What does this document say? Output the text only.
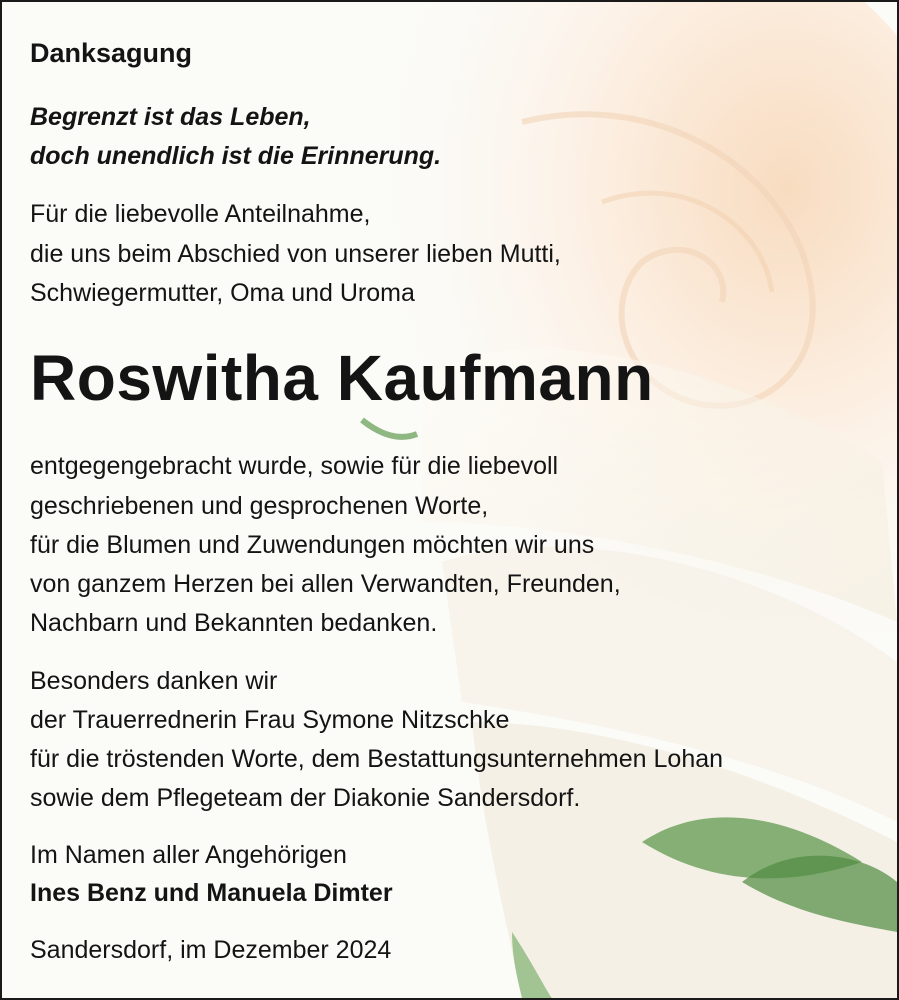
Danksagung
Begrenzt ist das Leben,
doch unendlich ist die Erinnerung.
Für die liebevolle Anteilnahme,
die uns beim Abschied von unserer lieben Mutti,
Schwiegermutter, Oma und Uroma
Roswitha Kaufmann
entgegengebracht wurde, sowie für die liebevoll
geschriebenen und gesprochenen Worte,
für die Blumen und Zuwendungen möchten wir uns
von ganzem Herzen bei allen Verwandten, Freunden,
Nachbarn und Bekannten bedanken.
Besonders danken wir
der Trauerrednerin Frau Symone Nitzschke
für die tröstenden Worte, dem Bestattungsunternehmen Lohan
sowie dem Pflegeteam der Diakonie Sandersdorf.
Im Namen aller Angehörigen
Ines Benz und Manuela Dimter
Sandersdorf, im Dezember 2024
